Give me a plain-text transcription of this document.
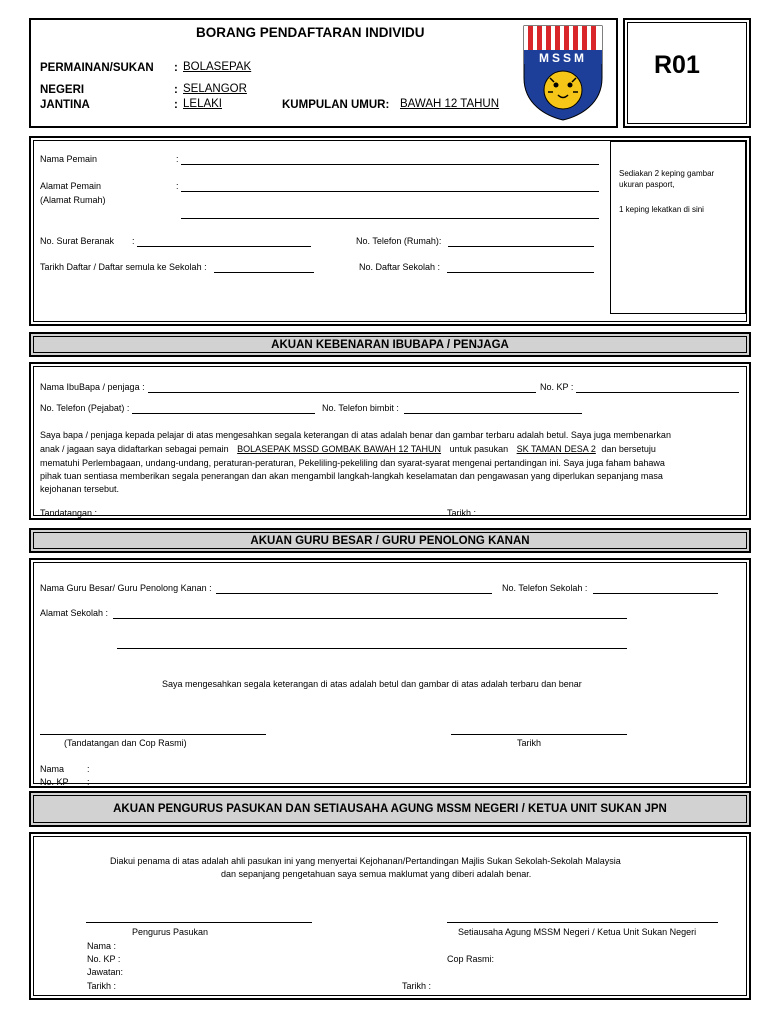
BORANG PENDAFTARAN INDIVIDU
PERMAINAN/SUKAN : BOLASEPAK
NEGERI	: SELANGOR
JANTINA	: LELAKI	KUMPULAN UMUR: BAWAH 12 TAHUN
MSSM	R01
Nama Pemain	:
Alamat Pemain
(Alamat Rumah)
:
No. Surat Beranak :	No. Telefon (Rumah):
Tarikh Daftar / Daftar semula ke Sekolah :	No. Daftar Sekolah :
Sediakan 2 keping gambar
ukuran pasport,
1 keping lekatkan di sini
AKUAN KEBENARAN IBUBAPA / PENJAGA
Tandatangan :	Tarikh :
Nama IbuBapa / penjaga :	No. KP :
No. Telefon (Pejabat) :	No. Telefon bimbit :
Saya bapa / penjaga kepada pelajar di atas mengesahkan segala keterangan di atas adalah benar dan gambar terbaru adalah betul. Saya juga membenarkan
anak / jagaan saya didaftarkan sebagai pemain BOLASEPAK MSSD GOMBAK BAWAH 12 TAHUN untuk pasukan SK TAMAN DESA 2 dan bersetuju
mematuhi Perlembagaan, undang-undang, peraturan-peraturan, Pekeliling-pekeliling dan syarat-syarat mengenai pertandingan ini. Saya juga faham bahawa
pihak tuan sentiasa memberikan segala penerangan dan akan mengambil langkah-langkah keselamatan dan pengawasan yang diperlukan sepanjang masa
kejohanan tersebut.
AKUAN GURU BESAR / GURU PENOLONG KANAN
Nama	:
No. KP :
Nama Guru Besar/ Guru Penolong Kanan :	No. Telefon Sekolah :
Alamat Sekolah :
Saya mengesahkan segala keterangan di atas adalah betul dan gambar di atas adalah terbaru dan benar
(Tandatangan dan Cop Rasmi)	Tarikh
AKUAN PENGURUS PASUKAN DAN SETIAUSAHA AGUNG MSSM NEGERI / KETUA UNIT SUKAN JPN
Diakui penama di atas adalah ahli pasukan ini yang menyertai Kejohanan/Pertandingan Majlis Sukan Sekolah-Sekolah Malaysia
dan sepanjang pengetahuan saya semua maklumat yang diberi adalah benar.
Pengurus Pasukan	Setiausaha Agung MSSM Negeri / Ketua Unit Sukan Negeri
Nama :
No. KP :	Cop Rasmi:
Jawatan:
Tarikh :	Tarikh :
